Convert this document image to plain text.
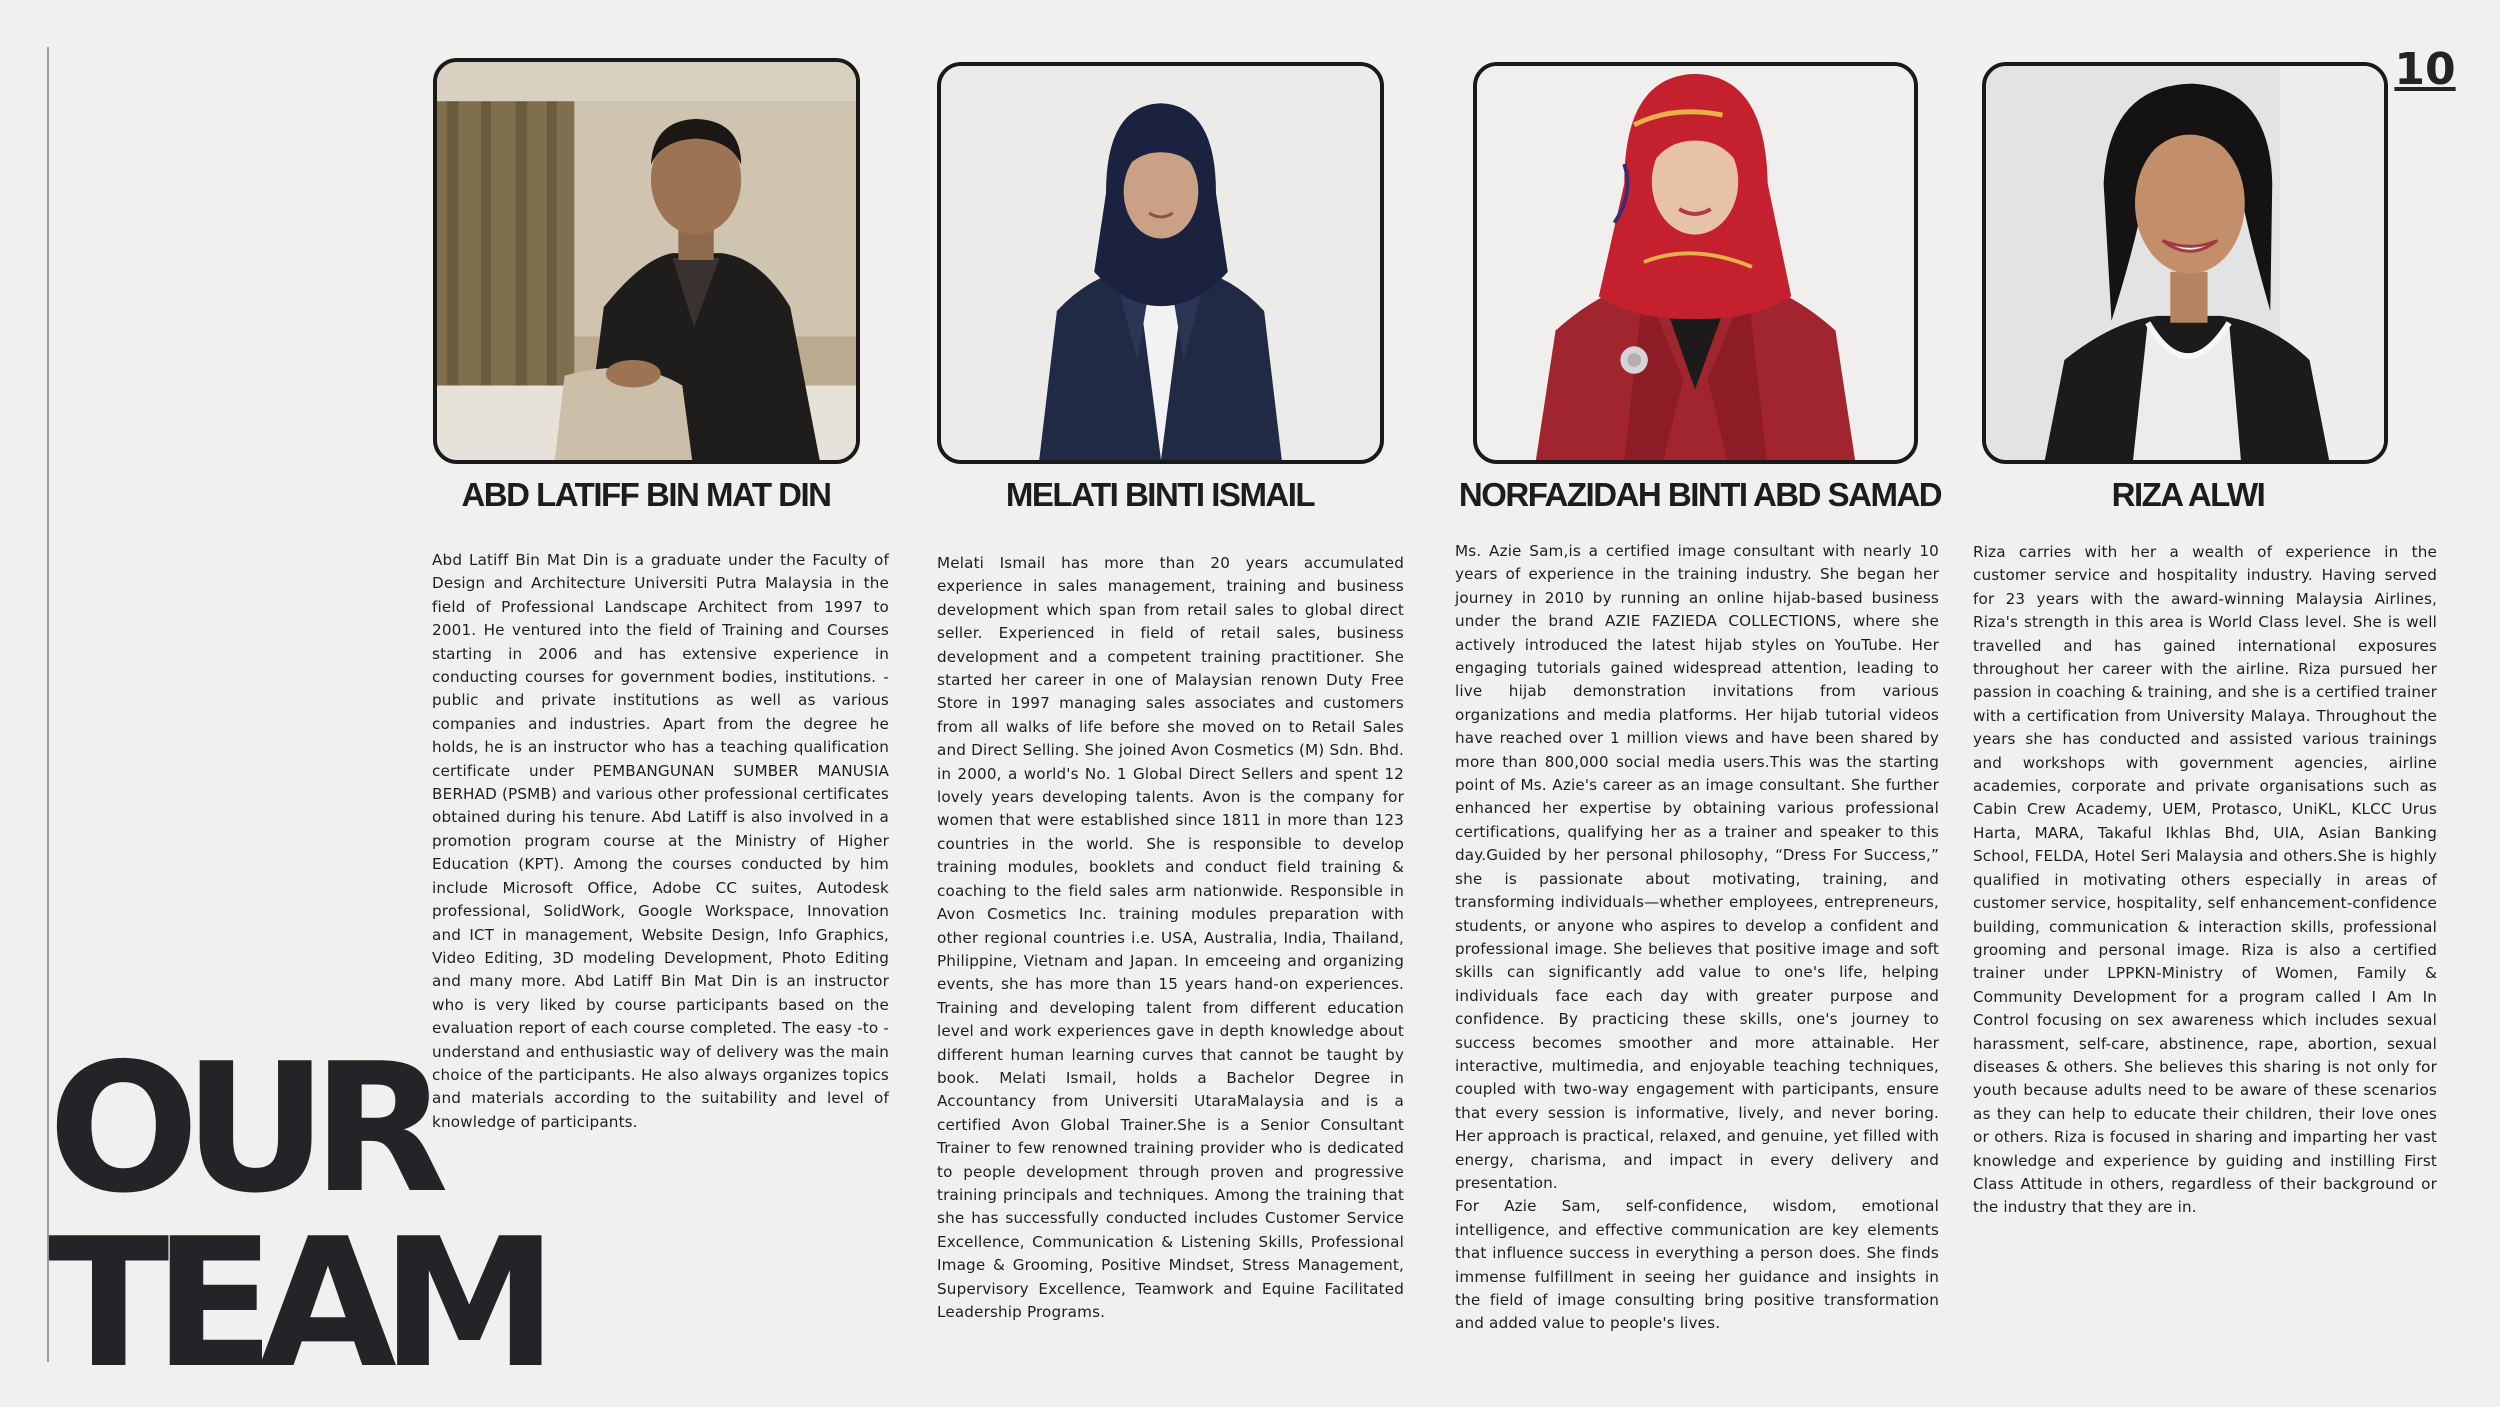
10
OUR
TEAM
ABD LATIFF BIN MAT DIN	MELATI BINTI ISMAIL	NORFAZIDAH BINTI ABD SAMAD	RIZA ALWI

Abd Latiff Bin Mat Din is a graduate under the Faculty of Design and Architecture Universiti Putra Malaysia in the field of Professional Landscape Architect from 1997 to 2001. He ventured into the field of Training and Courses starting in 2006 and has extensive experience in conducting courses for government bodies, institutions. -public and private institutions as well as various companies and industries. Apart from the degree he holds, he is an instructor who has a teaching qualification certificate under PEMBANGUNAN SUMBER MANUSIA BERHAD (PSMB) and various other professional certificates obtained during his tenure. Abd Latiff is also involved in a promotion program course at the Ministry of Higher Education (KPT). Among the courses conducted by him include Microsoft Office, Adobe CC suites, Autodesk professional, SolidWork, Google Workspace, Innovation and ICT in management, Website Design, Info Graphics, Video Editing, 3D modeling Development, Photo Editing and many more. Abd Latiff Bin Mat Din is an instructor who is very liked by course participants based on the evaluation report of each course completed. The easy -to - understand and enthusiastic way of delivery was the main choice of the participants. He also always organizes topics and materials according to the suitability and level of knowledge of participants.

Melati Ismail has more than 20 years accumulated experience in sales management, training and business development which span from retail sales to global direct seller. Experienced in field of retail sales, business development and a competent training practitioner. She started her career in one of Malaysian renown Duty Free Store in 1997 managing sales associates and customers from all walks of life before she moved on to Retail Sales and Direct Selling. She joined Avon Cosmetics (M) Sdn. Bhd. in 2000, a world's No. 1 Global Direct Sellers and spent 12 lovely years developing talents. Avon is the company for women that were established since 1811 in more than 123 countries in the world. She is responsible to develop training modules, booklets and conduct field training & coaching to the field sales arm nationwide. Responsible in Avon Cosmetics Inc. training modules preparation with other regional countries i.e. USA, Australia, India, Thailand, Philippine, Vietnam and Japan. In emceeing and organizing events, she has more than 15 years hand-on experiences. Training and developing talent from different education level and work experiences gave in depth knowledge about different human learning curves that cannot be taught by book. Melati Ismail, holds a Bachelor Degree in Accountancy from Universiti UtaraMalaysia and is a certified Avon Global Trainer.She is a Senior Consultant Trainer to few renowned training provider who is dedicated to people development through proven and progressive training principals and techniques. Among the training that she has successfully conducted includes Customer Service Excellence, Communication & Listening Skills, Professional Image & Grooming, Positive Mindset, Stress Management, Supervisory Excellence, Teamwork and Equine Facilitated Leadership Programs.

Ms. Azie Sam,is a certified image consultant with nearly 10 years of experience in the training industry. She began her journey in 2010 by running an online hijab-based business under the brand AZIE FAZIEDA COLLECTIONS, where she actively introduced the latest hijab styles on YouTube. Her engaging tutorials gained widespread attention, leading to live hijab demonstration invitations from various organizations and media platforms. Her hijab tutorial videos have reached over 1 million views and have been shared by more than 800,000 social media users.This was the starting point of Ms. Azie's career as an image consultant. She further enhanced her expertise by obtaining various professional certifications, qualifying her as a trainer and speaker to this day.Guided by her personal philosophy, “Dress For Success,” she is passionate about motivating, training, and transforming individuals—whether employees, entrepreneurs, students, or anyone who aspires to develop a confident and professional image. She believes that positive image and soft skills can significantly add value to one's life, helping individuals face each day with greater purpose and confidence. By practicing these skills, one's journey to success becomes smoother and more attainable. Her interactive, multimedia, and enjoyable teaching techniques, coupled with two-way engagement with participants, ensure that every session is informative, lively, and never boring. Her approach is practical, relaxed, and genuine, yet filled with energy, charisma, and impact in every delivery and presentation.
For Azie Sam, self-confidence, wisdom, emotional intelligence, and effective communication are key elements that influence success in everything a person does. She finds immense fulfillment in seeing her guidance and insights in the field of image consulting bring positive transformation and added value to people's lives.

Riza carries with her a wealth of experience in the customer service and hospitality industry. Having served for 23 years with the award-winning Malaysia Airlines, Riza's strength in this area is World Class level. She is well travelled and has gained international exposures throughout her career with the airline. Riza pursued her passion in coaching & training, and she is a certified trainer with a certification from University Malaya. Throughout the years she has conducted and assisted various trainings and workshops with government agencies, airline academies, corporate and private organisations such as Cabin Crew Academy, UEM, Protasco, UniKL, KLCC Urus Harta, MARA, Takaful Ikhlas Bhd, UIA, Asian Banking School, FELDA, Hotel Seri Malaysia and others.She is highly qualified in motivating others especially in areas of customer service, hospitality, self enhancement-confidence building, communication & interaction skills, professional grooming and personal image. Riza is also a certified trainer under LPPKN-Ministry of Women, Family & Community Development for a program called I Am In Control focusing on sex awareness which includes sexual harassment, self-care, abstinence, rape, abortion, sexual diseases & others. She believes this sharing is not only for youth because adults need to be aware of these scenarios as they can help to educate their children, their love ones or others. Riza is focused in sharing and imparting her vast knowledge and experience by guiding and instilling First Class Attitude in others, regardless of their background or the industry that they are in.
